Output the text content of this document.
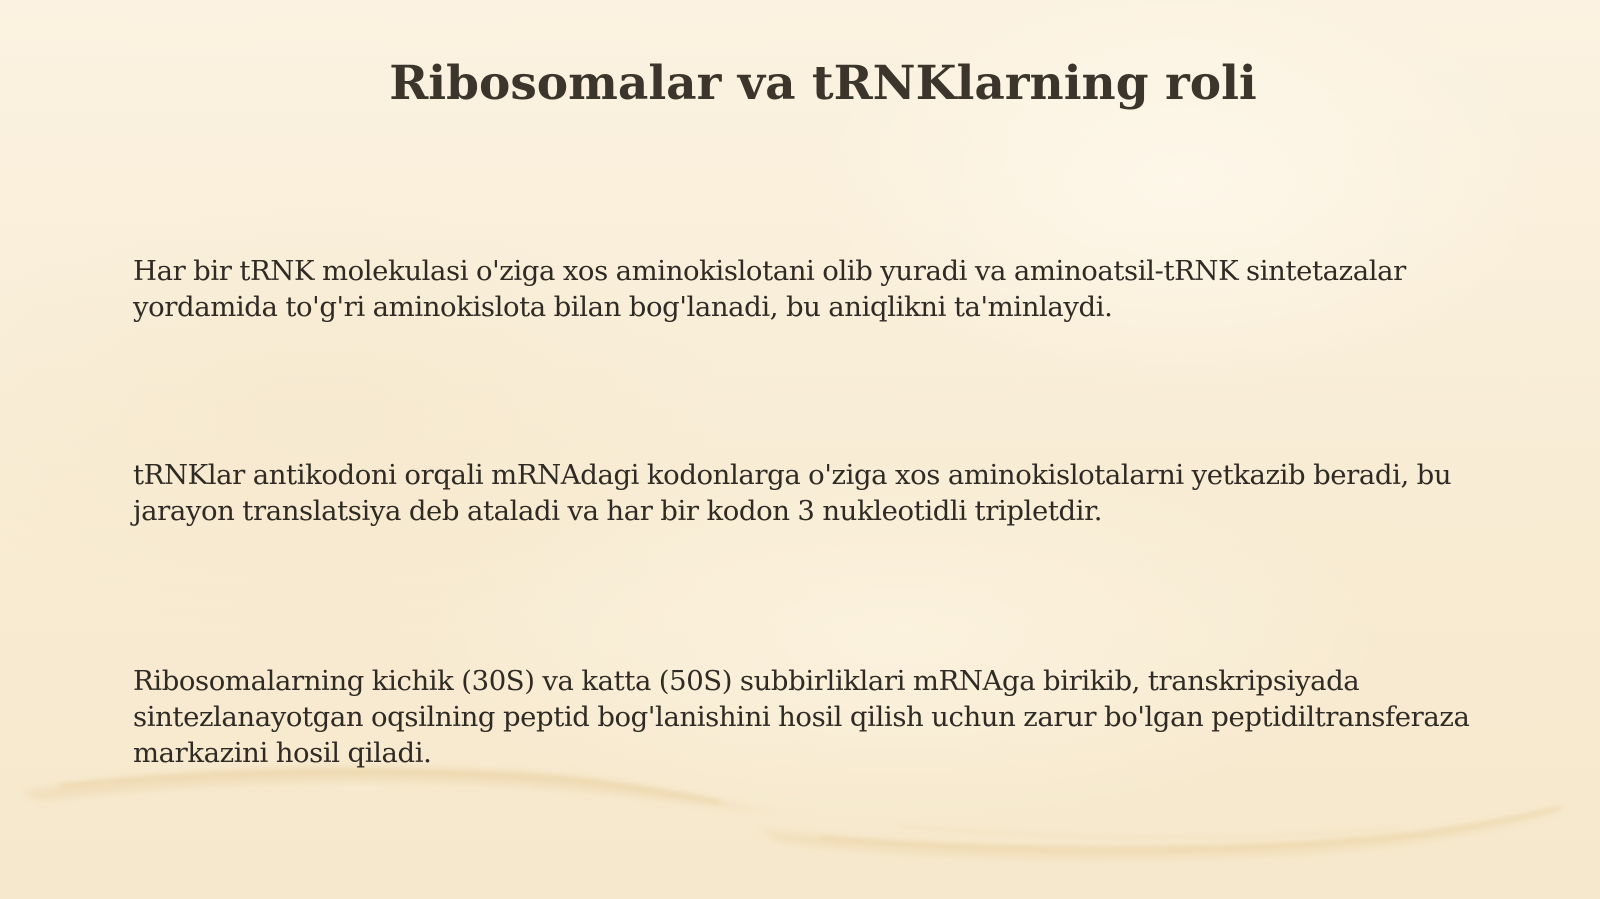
Ribosomalar va tRNKlarning roli

Har bir tRNK molekulasi o'ziga xos aminokislotani olib yuradi va aminoatsil-tRNK sintetazalar yordamida to'g'ri aminokislota bilan bog'lanadi, bu aniqlikni ta'minlaydi.

tRNKlar antikodoni orqali mRNAdagi kodonlarga o'ziga xos aminokislotalarni yetkazib beradi, bu jarayon translatsiya deb ataladi va har bir kodon 3 nukleotidli tripletdir.

Ribosomalarning kichik (30S) va katta (50S) subbirliklari mRNAga birikib, transkripsiyada sintezlanayotgan oqsilning peptid bog'lanishini hosil qilish uchun zarur bo'lgan peptidiltransferaza markazini hosil qiladi.
